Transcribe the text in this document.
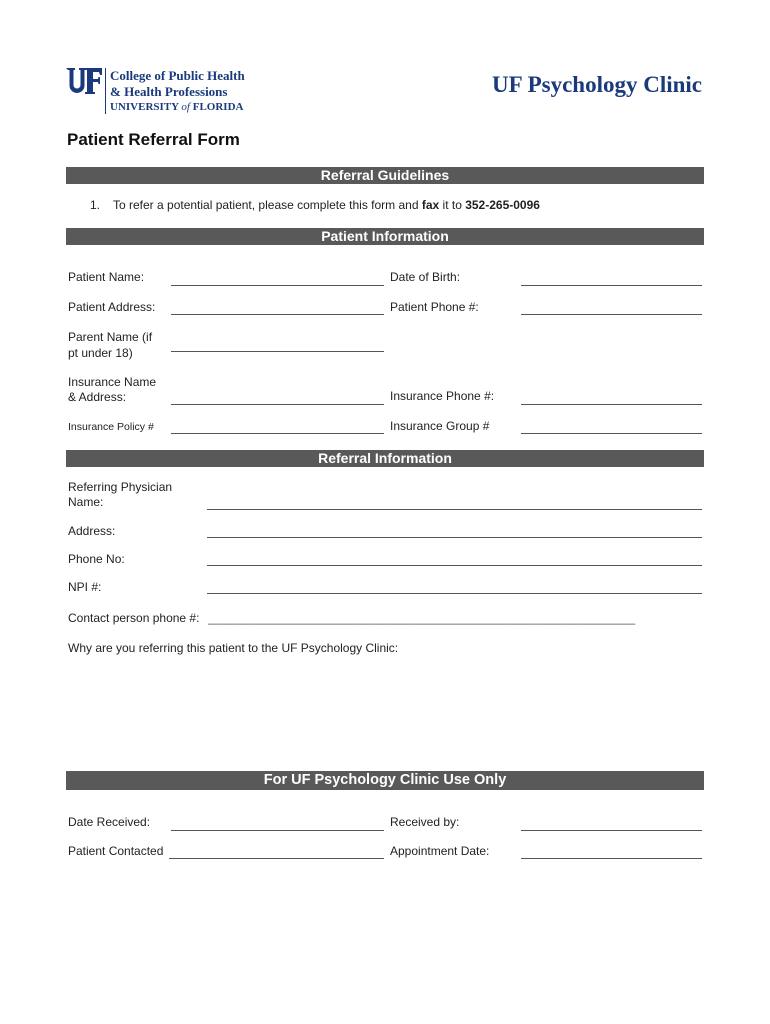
College of Public Health
& Health Professions
UNIVERSITY of FLORIDA
UF Psychology Clinic
Patient Referral Form
Referral Guidelines
1. To refer a potential patient, please complete this form and fax it to 352-265-0096
Patient Information
Patient Name:	Date of Birth:
Patient Address:	Patient Phone #:
Parent Name (if
pt under 18)
Insurance Name
& Address:	Insurance Phone #:
Insurance Policy #	Insurance Group #
Referral Information
Referring Physician
Name:
Address:
Phone No:
NPI #:
Contact person phone #: ________________________________________________________________
Why are you referring this patient to the UF Psychology Clinic:
For UF Psychology Clinic Use Only
Date Received:	Received by:
Patient Contacted	Appointment Date:
